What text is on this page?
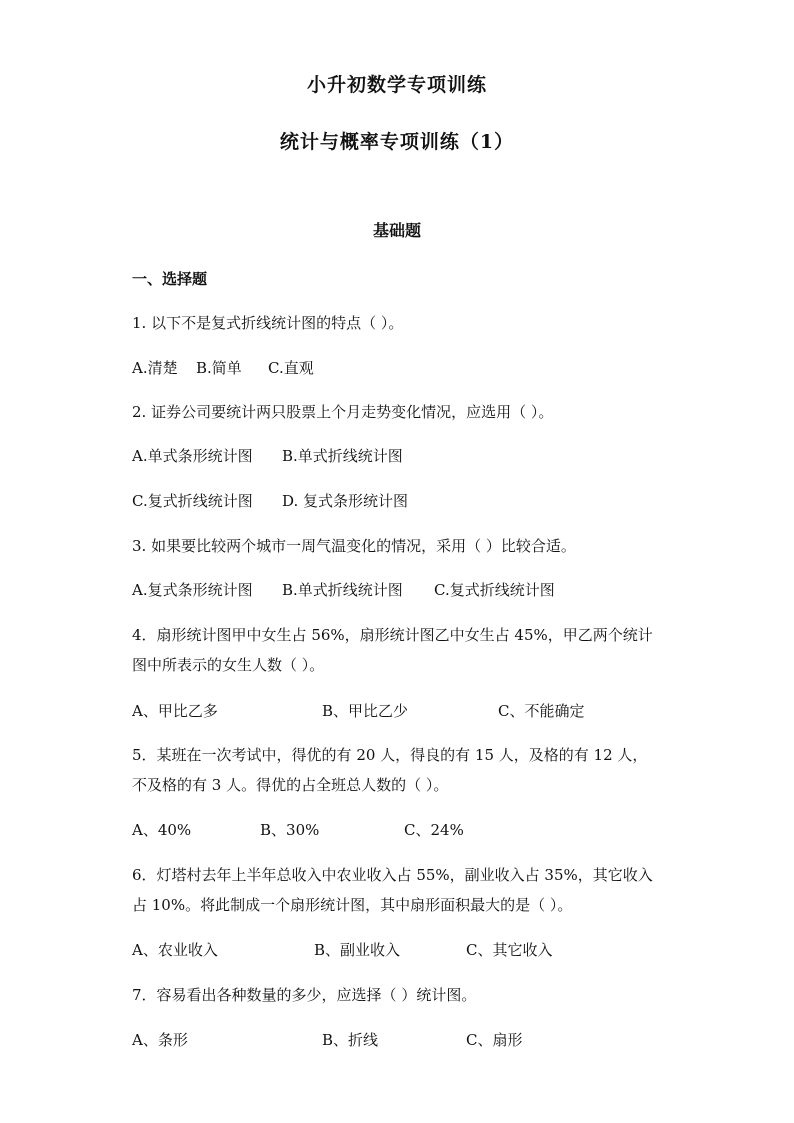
小升初数学专项训练
统计与概率专项训练（1）
基础题
一、选择题
1. 以下不是复式折线统计图的特点（ ）。
A.清楚 B.简单 C.直观
2. 证券公司要统计两只股票上个月走势变化情况，应选用（ ）。
A.单式条形统计图 B.单式折线统计图
C.复式折线统计图 D. 复式条形统计图
3. 如果要比较两个城市一周气温变化的情况，采用（ ）比较合适。
A.复式条形统计图 B.单式折线统计图 C.复式折线统计图
4．扇形统计图甲中女生占 56%，扇形统计图乙中女生占 45%，甲乙两个统计
图中所表示的女生人数（ ）。
A、甲比乙多	B、甲比乙少	C、不能确定
5．某班在一次考试中，得优的有 20 人，得良的有 15 人，及格的有 12 人，
不及格的有 3 人。得优的占全班总人数的（ ）。
A、40%	B、30%	C、24%
6．灯塔村去年上半年总收入中农业收入占 55%，副业收入占 35%，其它收入
占 10%。将此制成一个扇形统计图，其中扇形面积最大的是（ ）。
A、农业收入	B、副业收入	C、其它收入
7．容易看出各种数量的多少，应选择（ ）统计图。
A、条形	B、折线	C、扇形
